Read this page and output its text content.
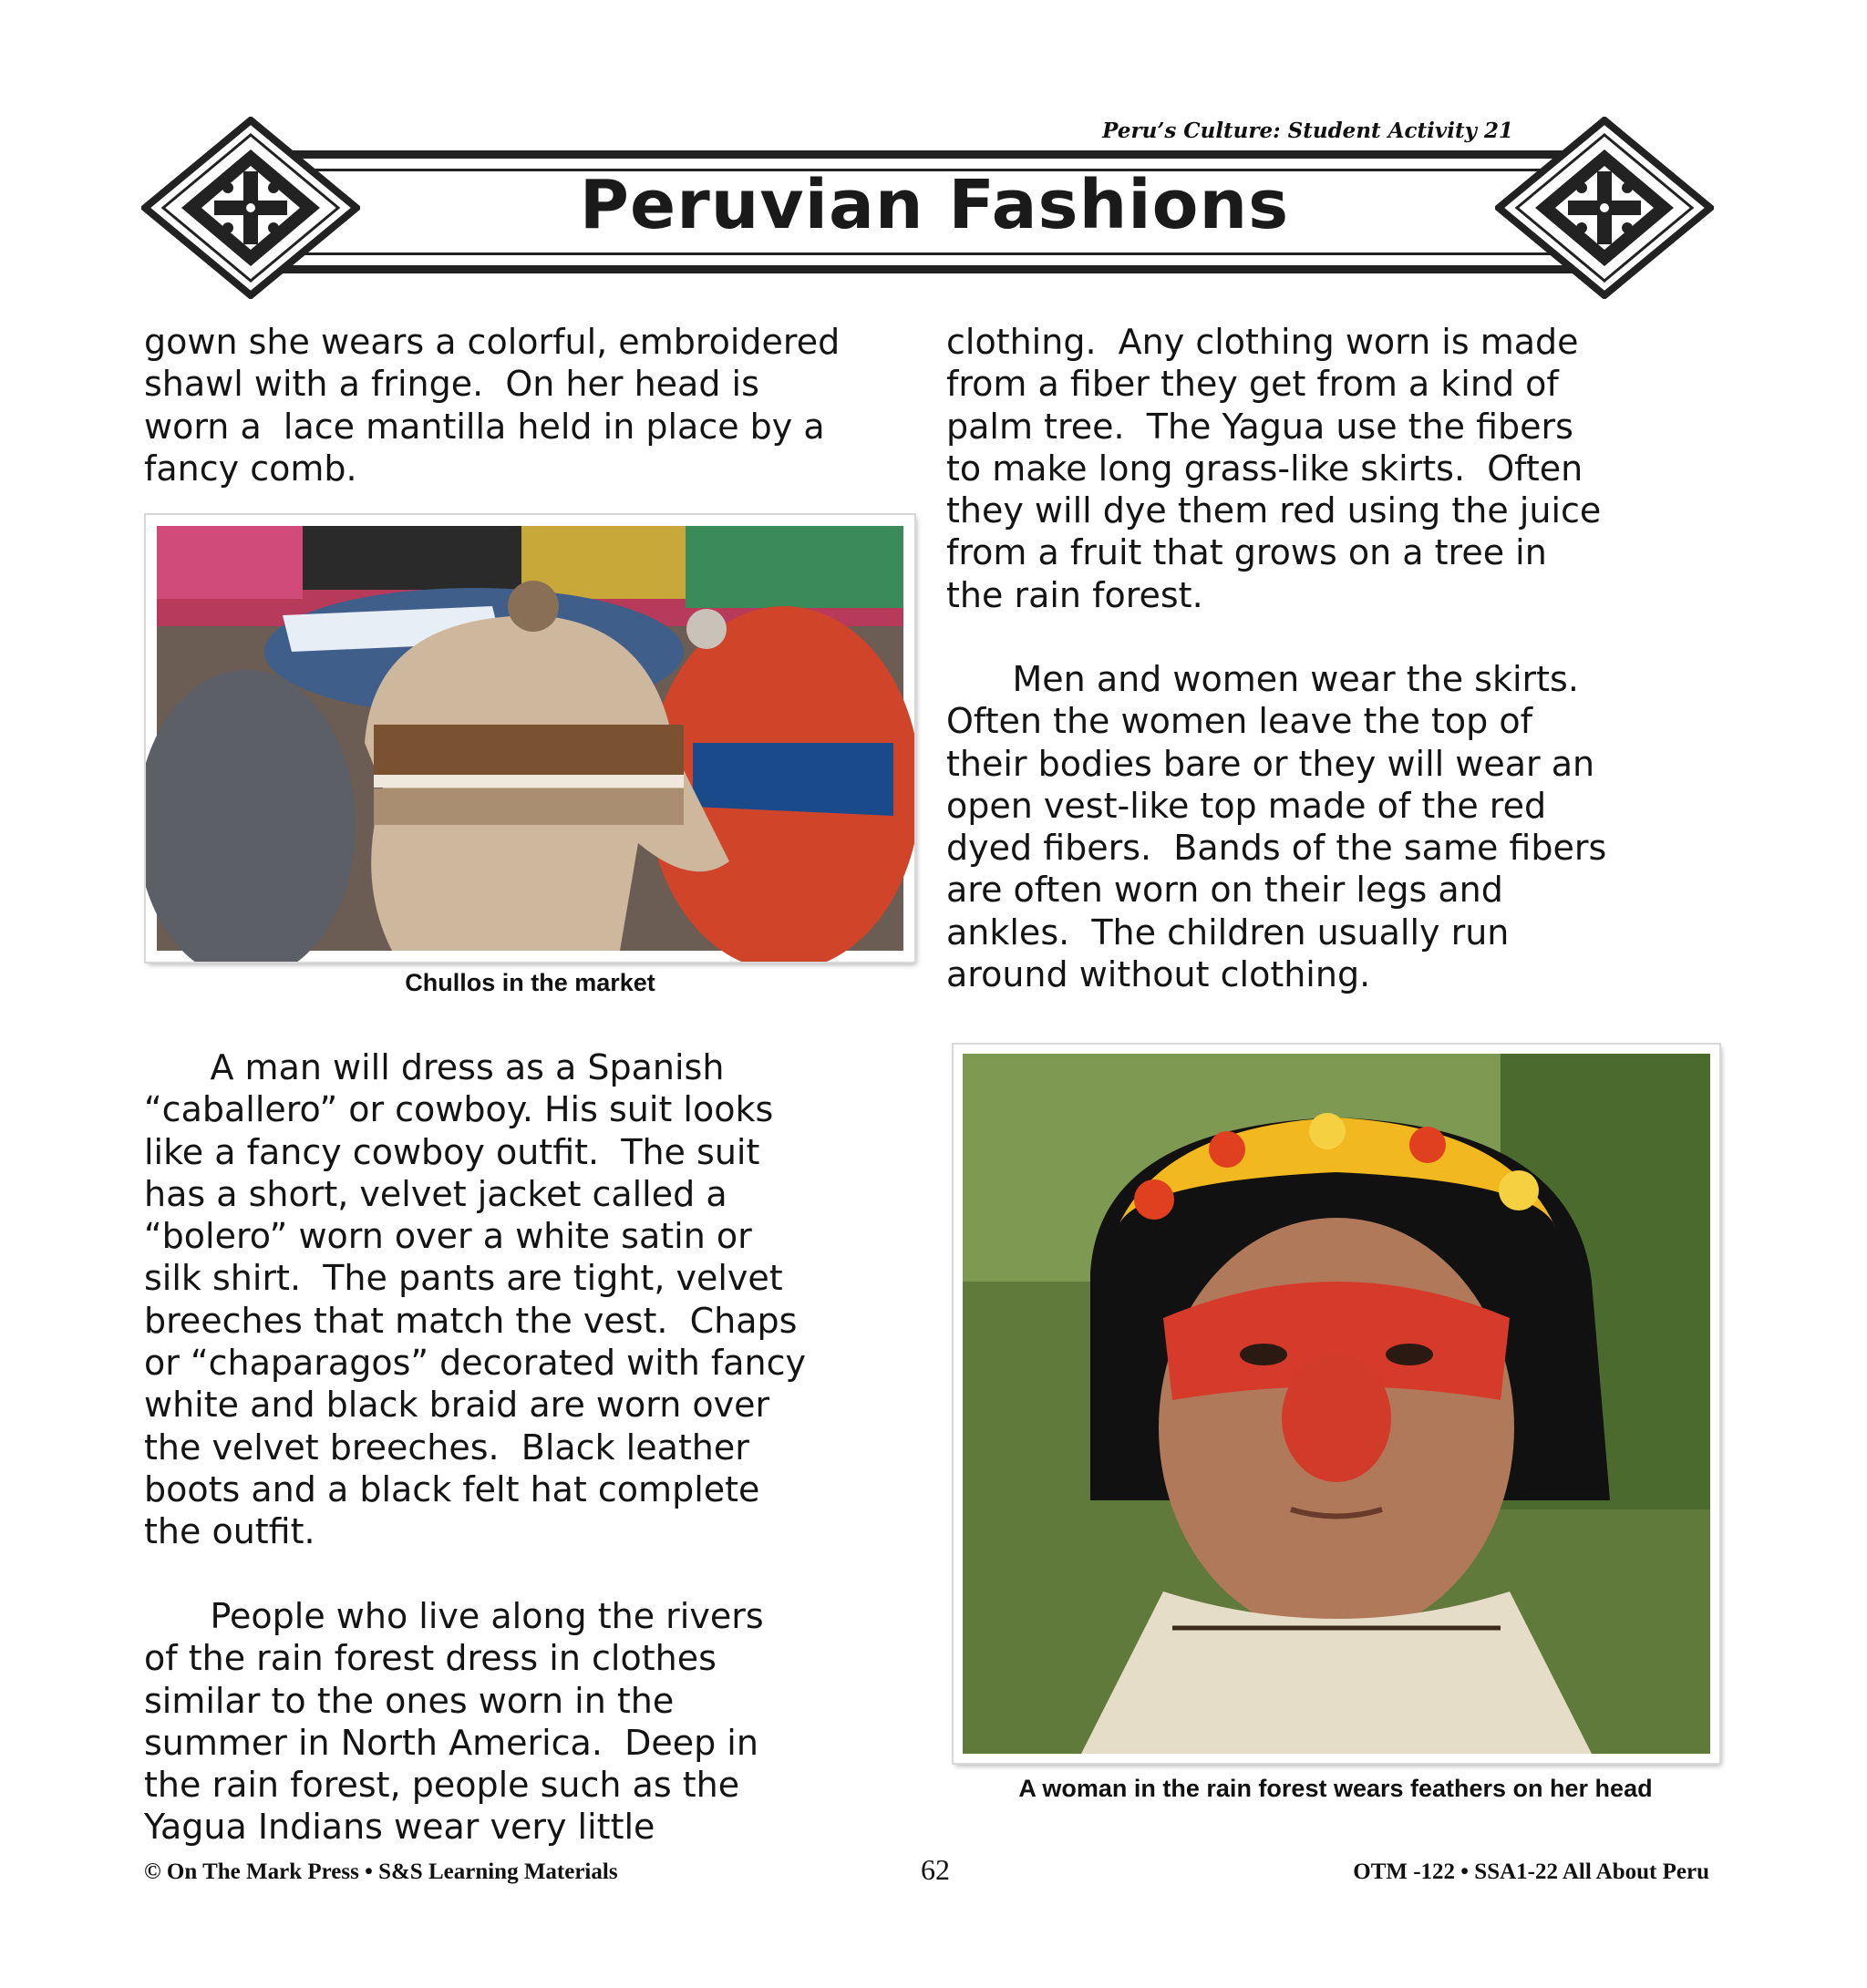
Peru’s Culture: Student Activity 21
Peruvian Fashions

gown she wears a colorful, embroidered
shawl with a fringe.  On her head is
worn a  lace mantilla held in place by a
fancy comb.

Chullos in the market

A man will dress as a Spanish
“caballero” or cowboy. His suit looks
like a fancy cowboy outfit.  The suit
has a short, velvet jacket called a
“bolero” worn over a white satin or
silk shirt.  The pants are tight, velvet
breeches that match the vest.  Chaps
or “chaparagos” decorated with fancy
white and black braid are worn over
the velvet breeches.  Black leather
boots and a black felt hat complete
the outfit.

People who live along the rivers
of the rain forest dress in clothes
similar to the ones worn in the
summer in North America.  Deep in
the rain forest, people such as the
Yagua Indians wear very little

clothing.  Any clothing worn is made
from a fiber they get from a kind of
palm tree.  The Yagua use the fibers
to make long grass-like skirts.  Often
they will dye them red using the juice
from a fruit that grows on a tree in
the rain forest.

Men and women wear the skirts.
Often the women leave the top of
their bodies bare or they will wear an
open vest-like top made of the red
dyed fibers.  Bands of the same fibers
are often worn on their legs and
ankles.  The children usually run
around without clothing.

A woman in the rain forest wears feathers on her head
© On The Mark Press • S&S Learning Materials	62	OTM -122 • SSA1-22 All About Peru
